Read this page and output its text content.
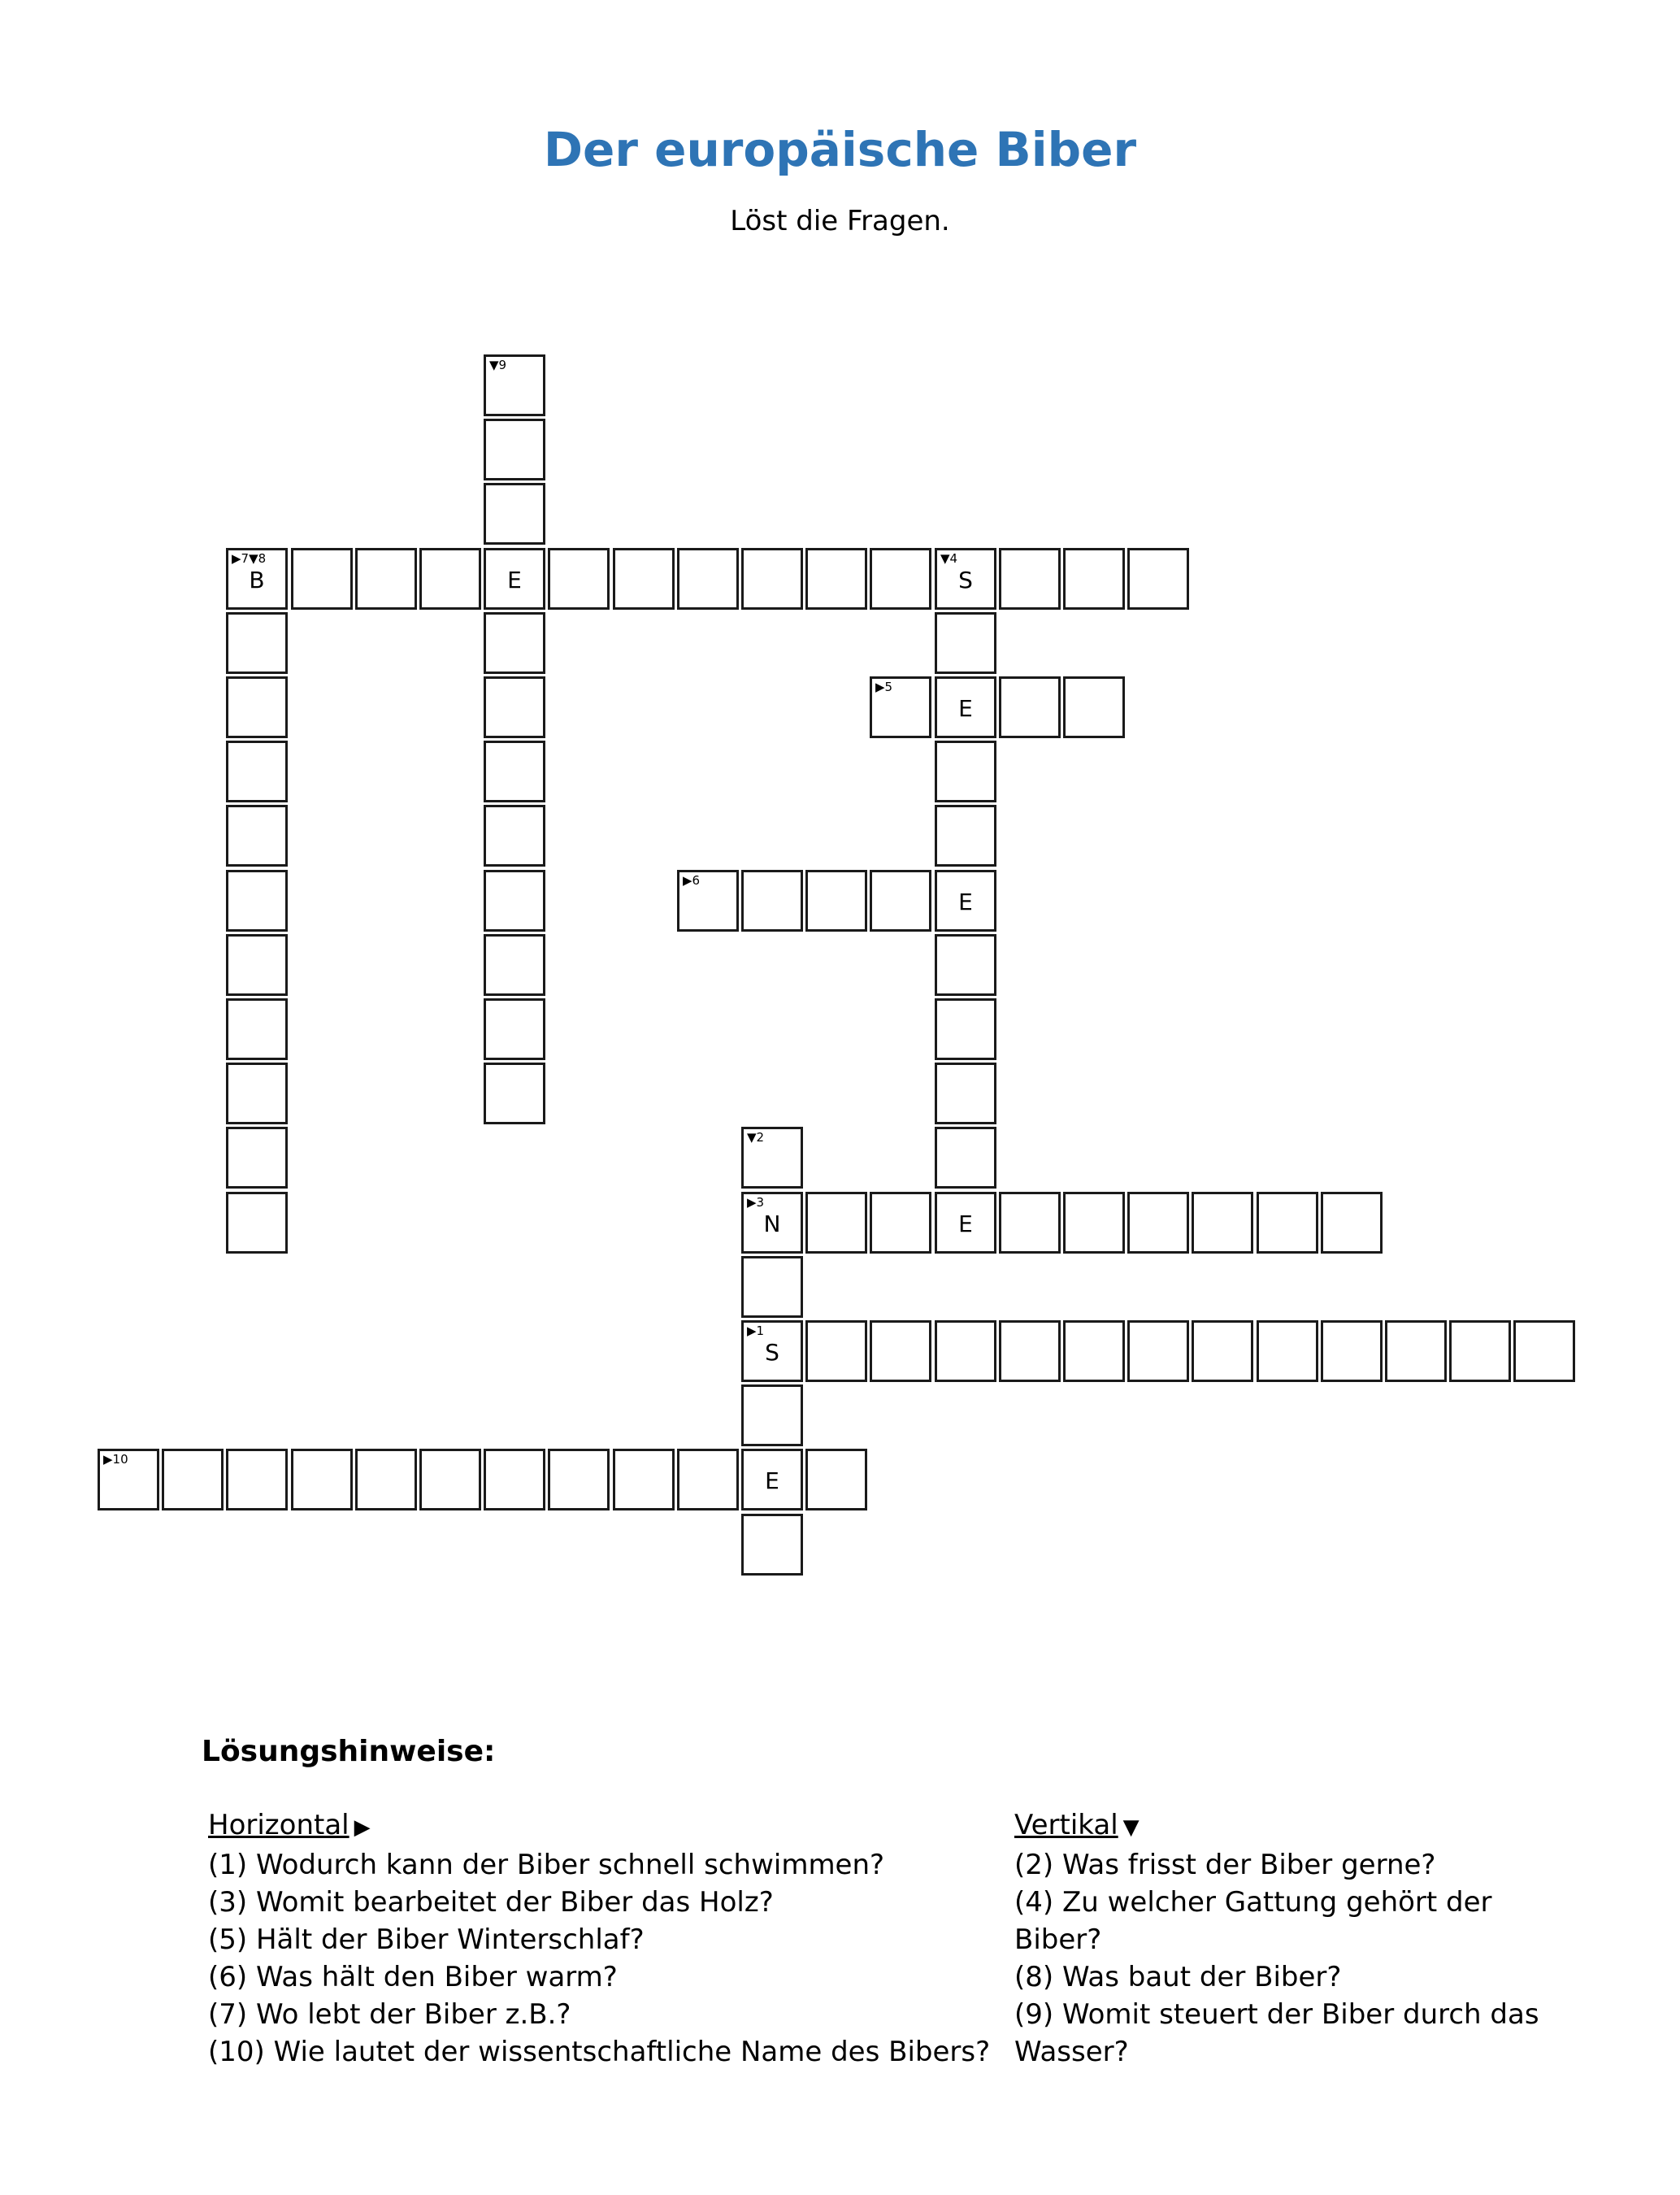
Der europäische Biber
Löst die Fragen.
▼9
▶7▼8
B	E
▼4
S
▶5
E
▶6
E
▼2
▶3
N	E
▶1
S
▶10
E
Lösungshinweise:
Horizontal ▶
(1) Wodurch kann der Biber schnell schwimmen?
(3) Womit bearbeitet der Biber das Holz?
(5) Hält der Biber Winterschlaf?
(6) Was hält den Biber warm?
(7) Wo lebt der Biber z.B.?
(10) Wie lautet der wissentschaftliche Name des Bibers?
Vertikal ▼
(2) Was frisst der Biber gerne?
(4) Zu welcher Gattung gehört der Biber?
(8) Was baut der Biber?
(9) Womit steuert der Biber durch das Wasser?
